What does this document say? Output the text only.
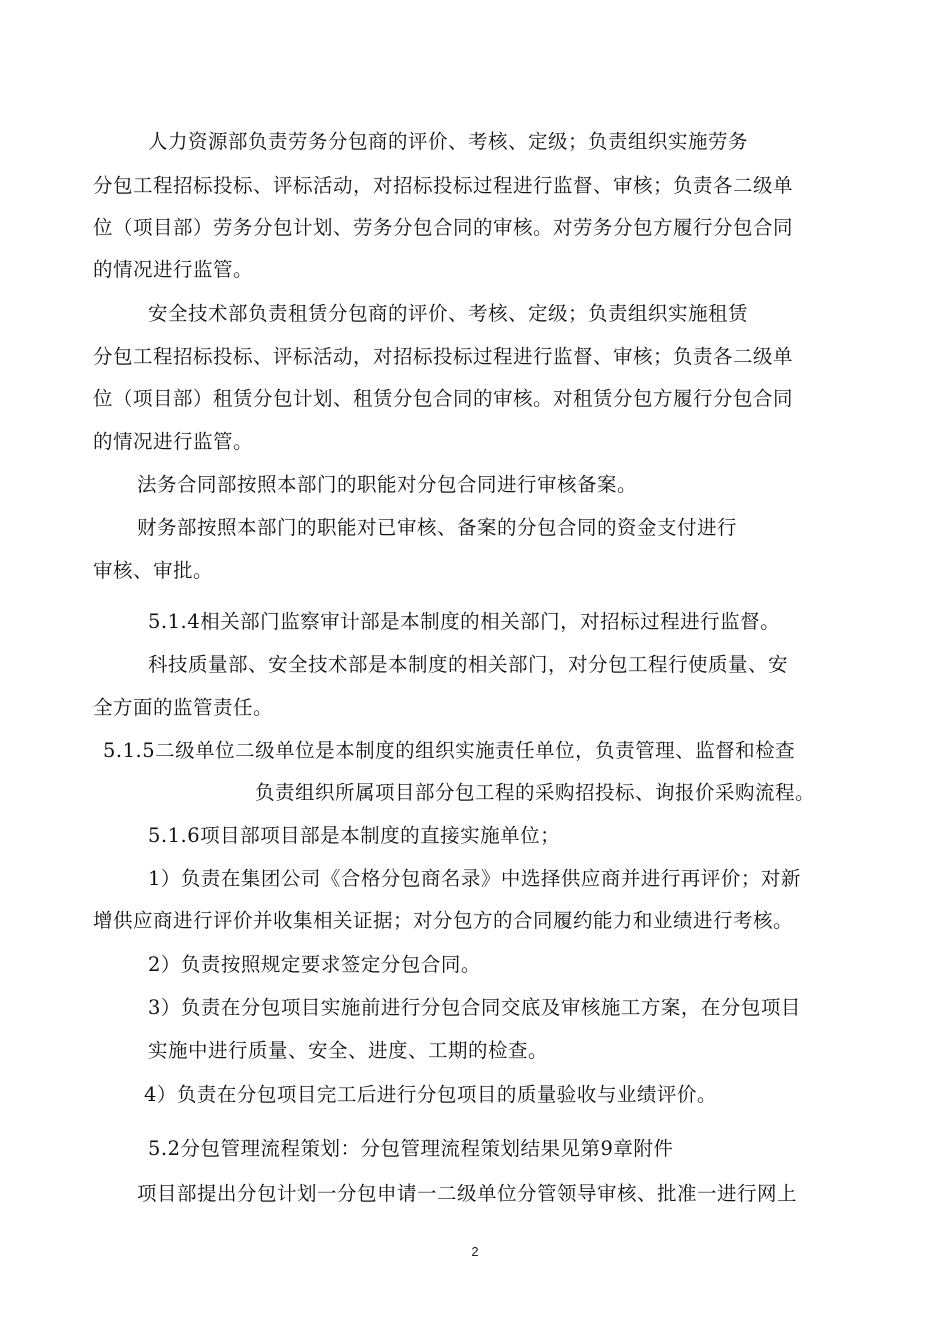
人力资源部负责劳务分包商的评价、考核、定级；负责组织实施劳务
分包工程招标投标、评标活动，对招标投标过程进行监督、审核；负责各二级单
位（项目部）劳务分包计划、劳务分包合同的审核。对劳务分包方履行分包合同
的情况进行监管。
安全技术部负责租赁分包商的评价、考核、定级；负责组织实施租赁
分包工程招标投标、评标活动，对招标投标过程进行监督、审核；负责各二级单
位（项目部）租赁分包计划、租赁分包合同的审核。对租赁分包方履行分包合同
的情况进行监管。
法务合同部按照本部门的职能对分包合同进行审核备案。
财务部按照本部门的职能对已审核、备案的分包合同的资金支付进行
审核、审批。
5.1.4相关部门监察审计部是本制度的相关部门，对招标过程进行监督。
科技质量部、安全技术部是本制度的相关部门，对分包工程行使质量、安
全方面的监管责任。
5.1.5二级单位二级单位是本制度的组织实施责任单位，负责管理、监督和检查
负责组织所属项目部分包工程的采购招投标、询报价采购流程。
5.1.6项目部项目部是本制度的直接实施单位；
1）负责在集团公司《合格分包商名录》中选择供应商并进行再评价；对新
增供应商进行评价并收集相关证据；对分包方的合同履约能力和业绩进行考核。
2）负责按照规定要求签定分包合同。
3）负责在分包项目实施前进行分包合同交底及审核施工方案，在分包项目
实施中进行质量、安全、进度、工期的检查。
4）负责在分包项目完工后进行分包项目的质量验收与业绩评价。
5.2分包管理流程策划：分包管理流程策划结果见第9章附件
项目部提出分包计划一分包申请一二级单位分管领导审核、批准一进行网上
2
